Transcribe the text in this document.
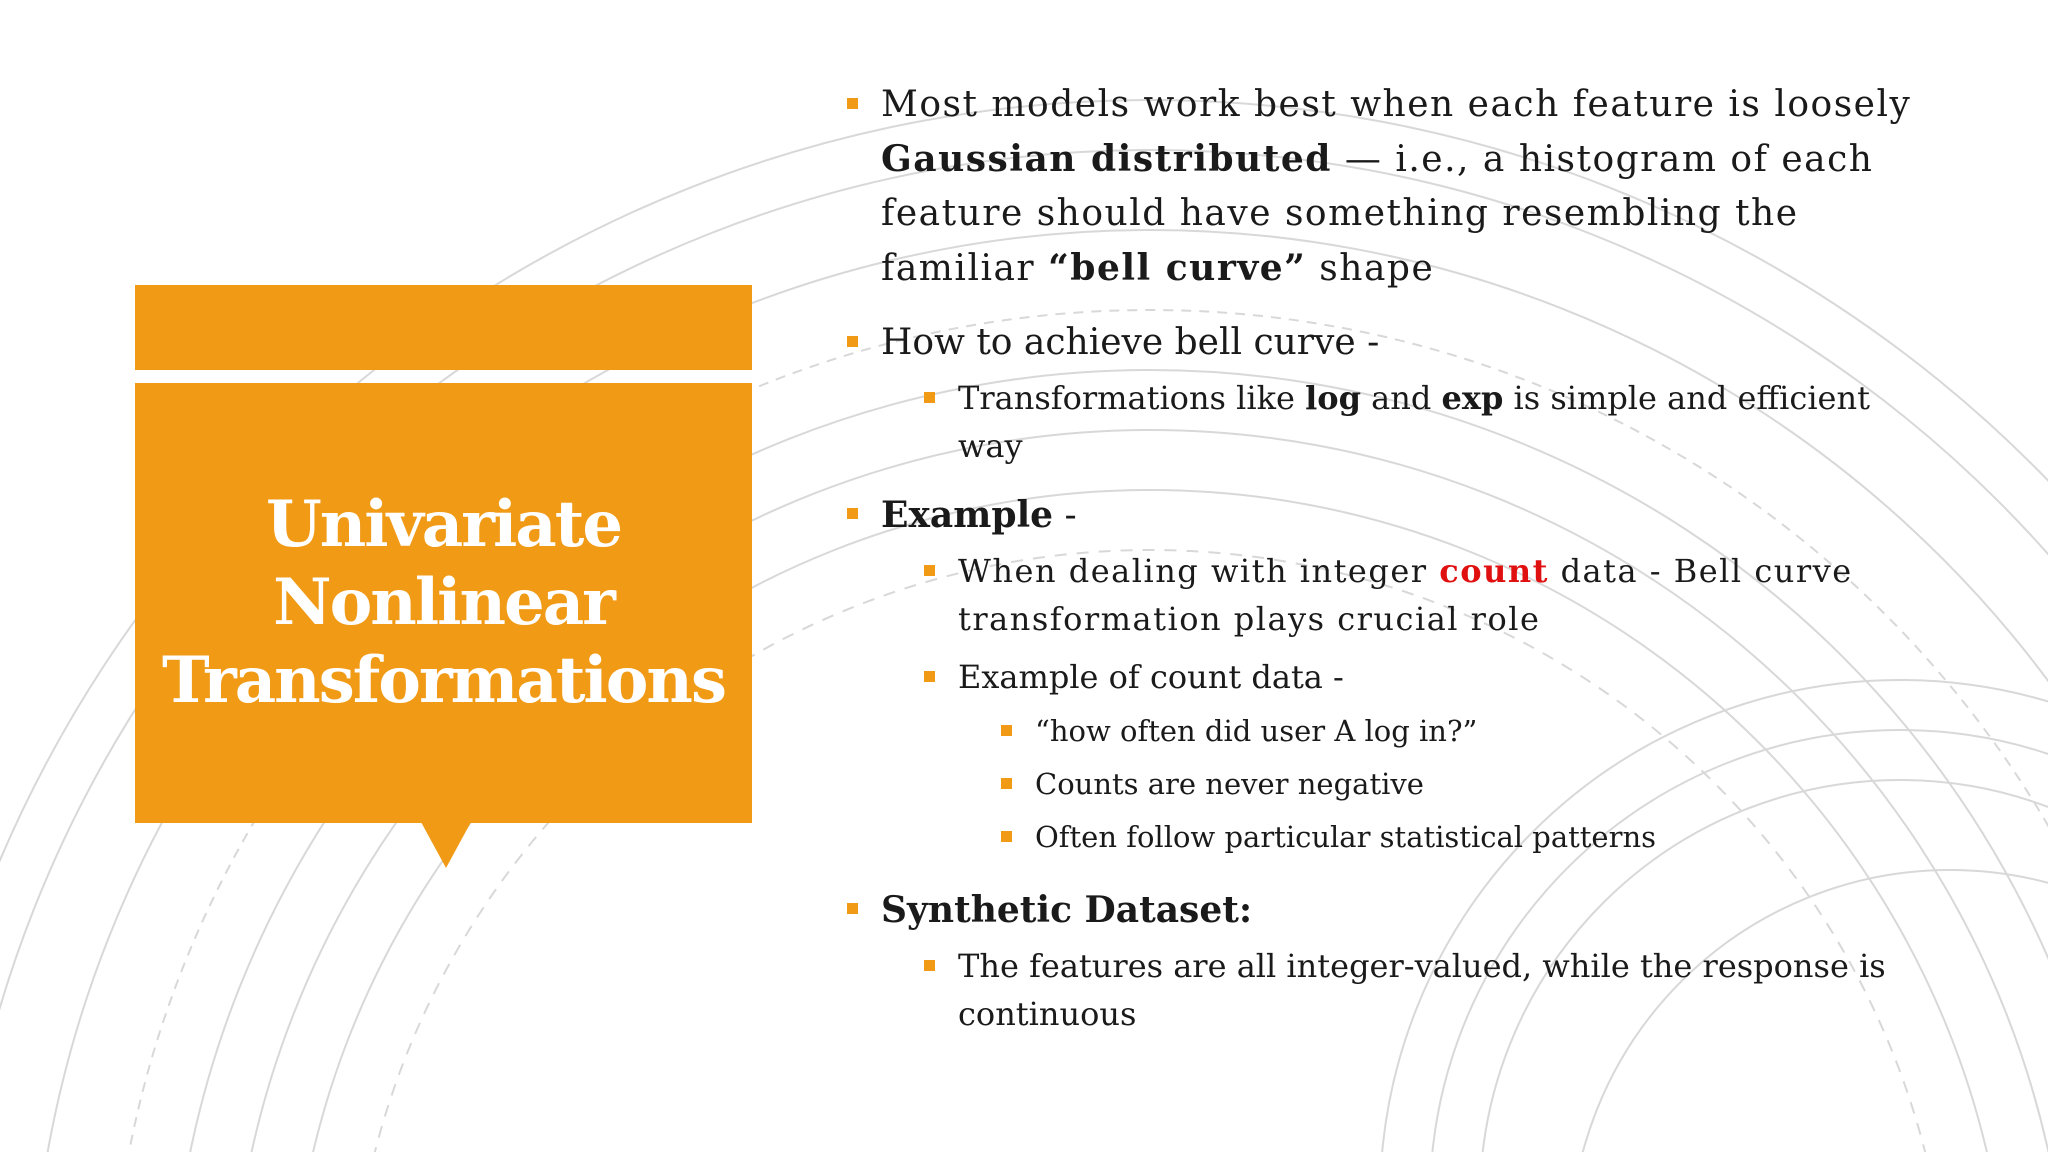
Univariate
Nonlinear
Transformations
Most models work best when each feature is loosely Gaussian distributed — i.e., a histogram of each feature should have something resembling the familiar “bell curve” shape
How to achieve bell curve -
Transformations like log and exp is simple and efficient way
Example -
When dealing with integer count data - Bell curve transformation plays crucial role
Example of count data -
“how often did user A log in?”
Counts are never negative
Often follow particular statistical patterns
Synthetic Dataset:
The features are all integer-valued, while the response is continuous
